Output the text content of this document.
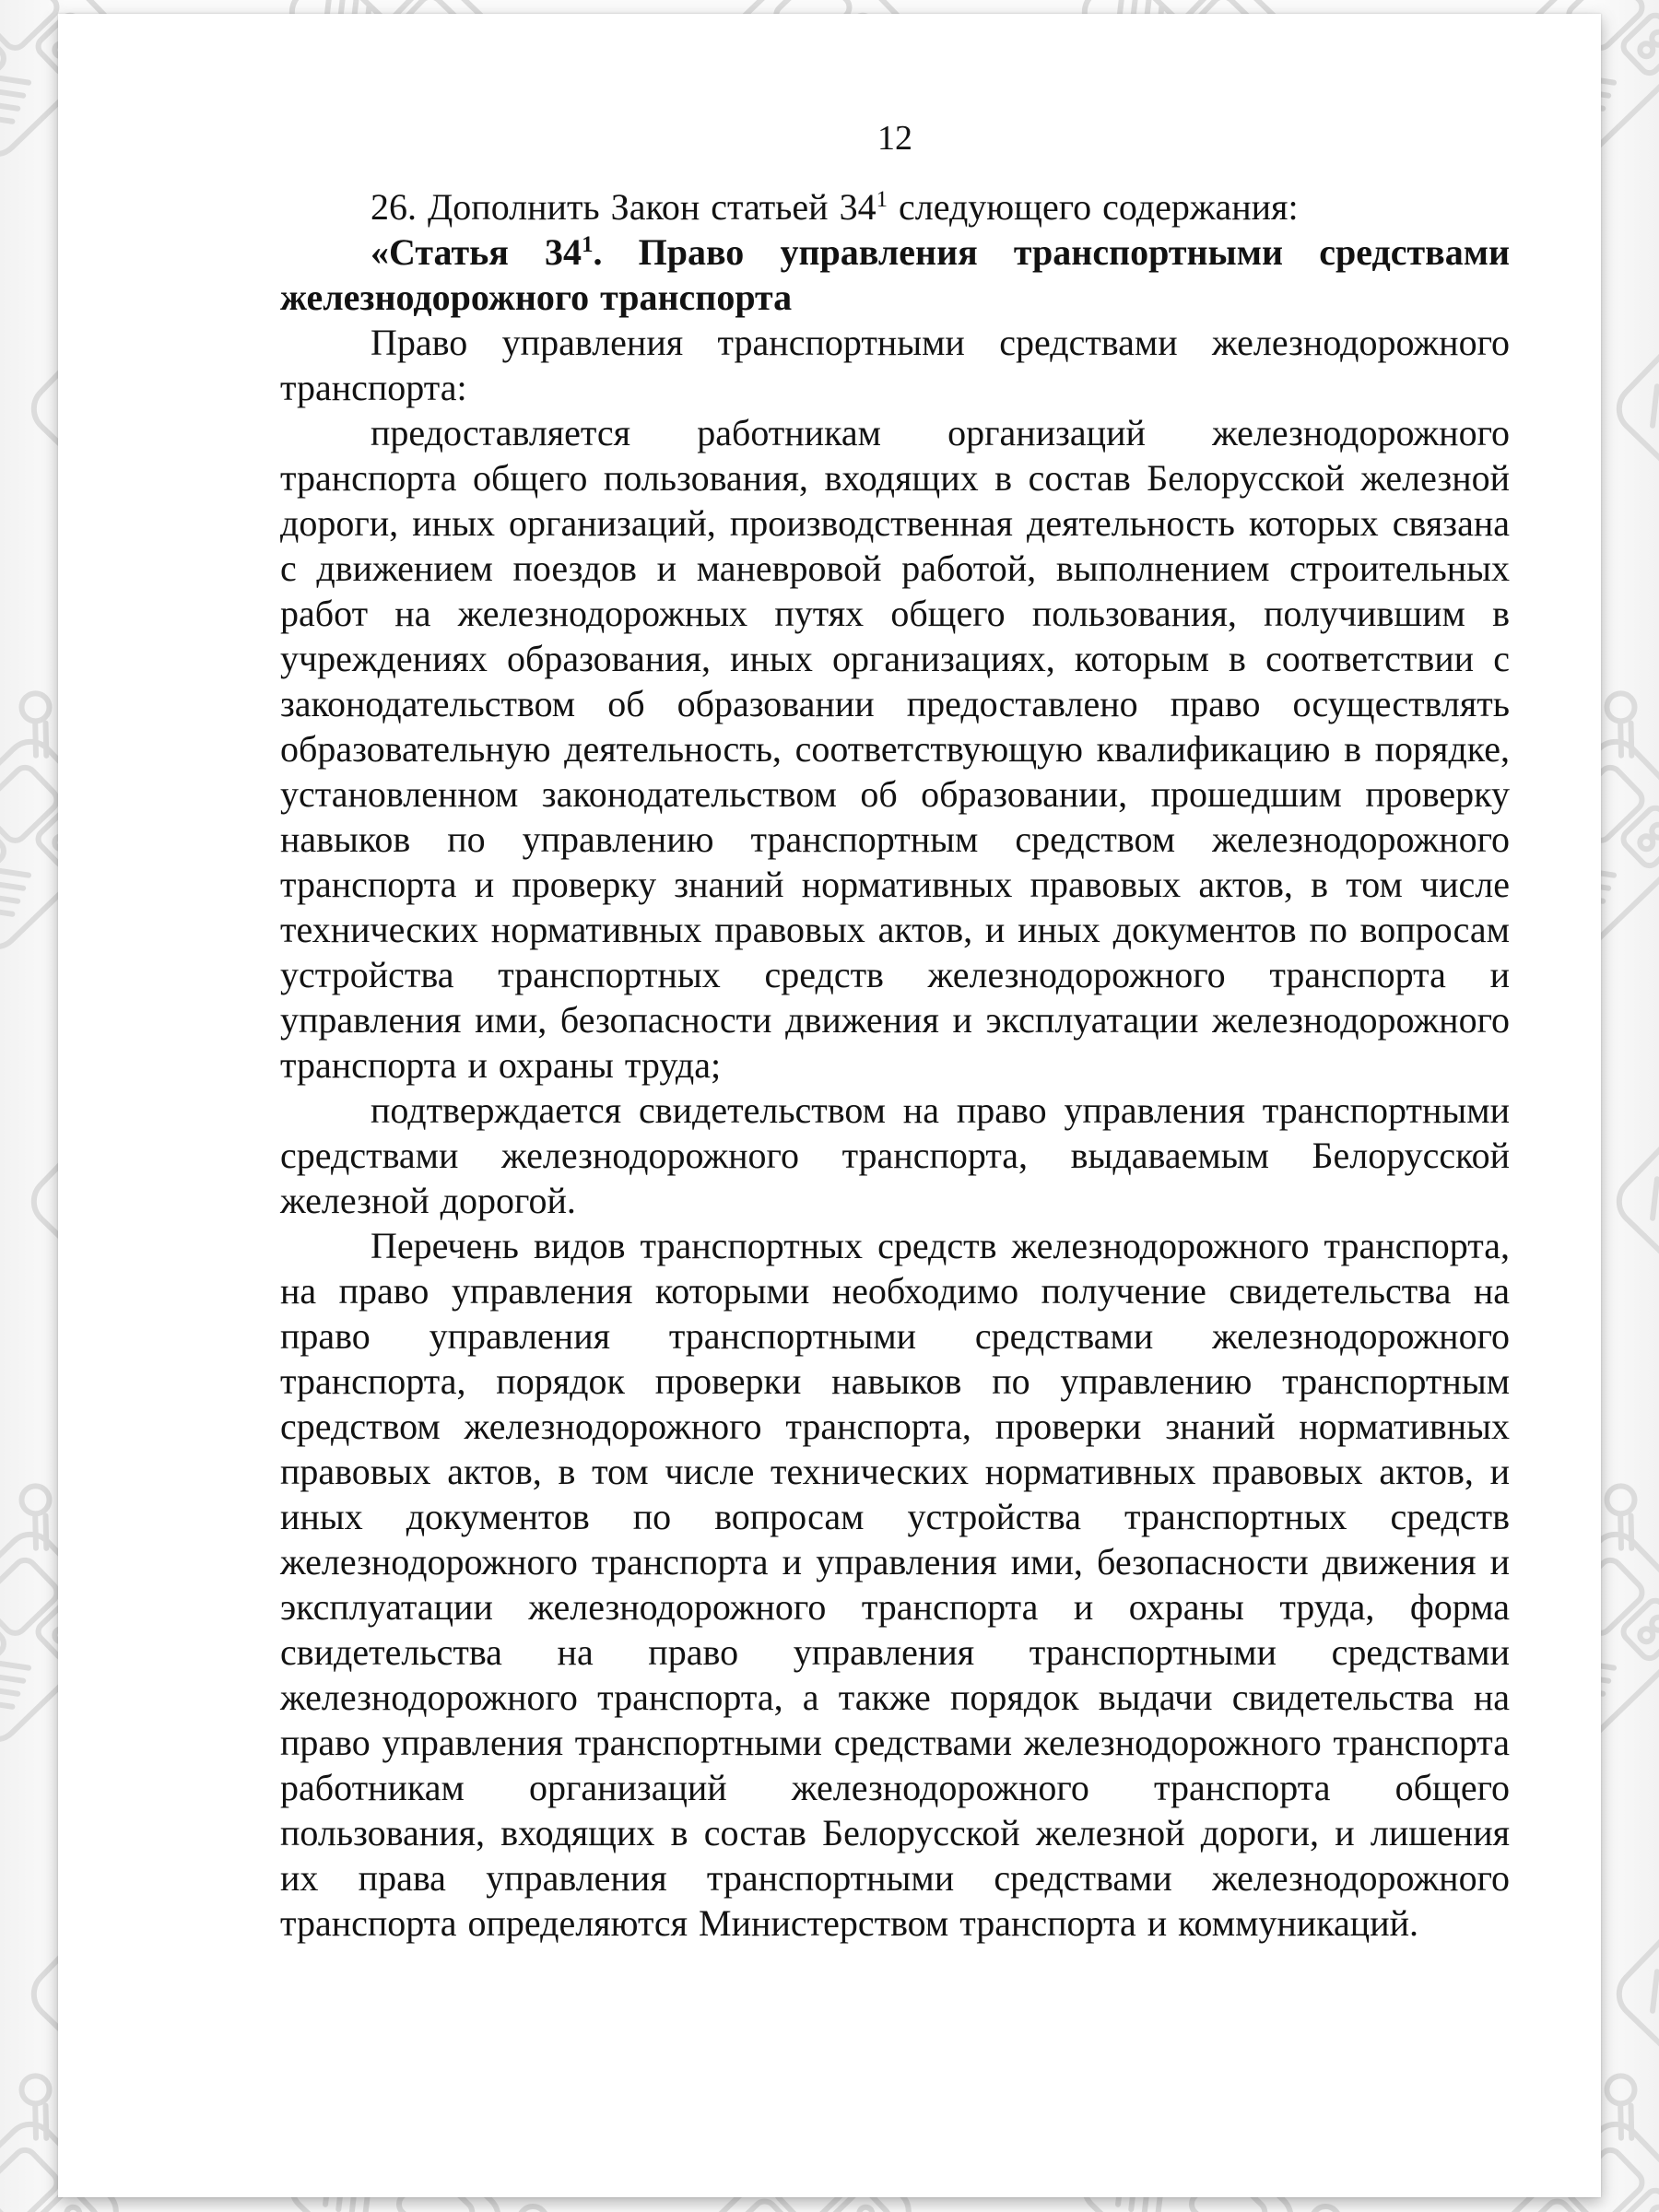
12

26. Дополнить Закон статьей $34^1$ следующего содержания:

«Статья $34^1$. Право управления транспортными средствами железнодорожного транспорта

Право управления транспортными средствами железнодорожного транспорта:

предоставляется работникам организаций железнодорожного транспорта общего пользования, входящих в состав Белорусской железной дороги, иных организаций, производственная деятельность которых связана с движением поездов и маневровой работой, выполнением строительных работ на железнодорожных путях общего пользования, получившим в учреждениях образования, иных организациях, которым в соответствии с законодательством об образовании предоставлено право осуществлять образовательную деятельность, соответствующую квалификацию в порядке, установленном законодательством об образовании, прошедшим проверку навыков по управлению транспортным средством железнодорожного транспорта и проверку знаний нормативных правовых актов, в том числе технических нормативных правовых актов, и иных документов по вопросам устройства транспортных средств железнодорожного транспорта и управления ими, безопасности движения и эксплуатации железнодорожного транспорта и охраны труда;

подтверждается свидетельством на право управления транспортными средствами железнодорожного транспорта, выдаваемым Белорусской железной дорогой.

Перечень видов транспортных средств железнодорожного транспорта, на право управления которыми необходимо получение свидетельства на право управления транспортными средствами железнодорожного транспорта, порядок проверки навыков по управлению транспортным средством железнодорожного транспорта, проверки знаний нормативных правовых актов, в том числе технических нормативных правовых актов, и иных документов по вопросам устройства транспортных средств железнодорожного транспорта и управления ими, безопасности движения и эксплуатации железнодорожного транспорта и охраны труда, форма свидетельства на право управления транспортными средствами железнодорожного транспорта, а также порядок выдачи свидетельства на право управления транспортными средствами железнодорожного транспорта работникам организаций железнодорожного транспорта общего пользования, входящих в состав Белорусской железной дороги, и лишения их права управления транспортными средствами железнодорожного транспорта определяются Министерством транспорта и коммуникаций.
